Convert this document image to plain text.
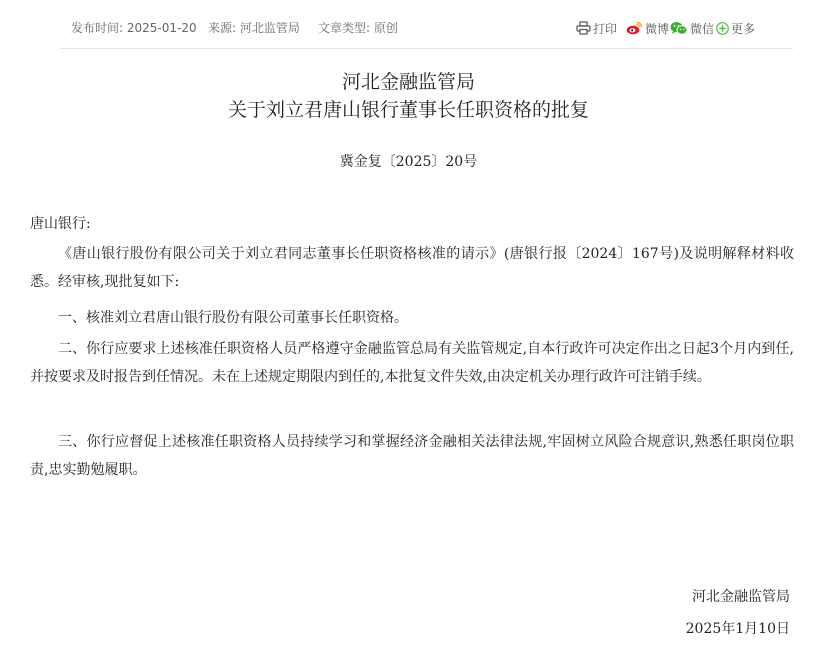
发布时间: 2025-01-20 来源: 河北监管局 文章类型: 原创	打印 微博 微信 更多
河北金融监管局
关于刘立君唐山银行董事长任职资格的批复
冀金复〔2025〕20号
唐山银行:

《唐山银行股份有限公司关于刘立君同志董事长任职资格核准的请示》(唐银行报〔2024〕167号)及说明解释材料收悉。经审核,现批复如下:

一、核准刘立君唐山银行股份有限公司董事长任职资格。

二、你行应要求上述核准任职资格人员严格遵守金融监管总局有关监管规定,自本行政许可决定作出之日起3个月内到任,并按要求及时报告到任情况。未在上述规定期限内到任的,本批复文件失效,由决定机关办理行政许可注销手续。

三、你行应督促上述核准任职资格人员持续学习和掌握经济金融相关法律法规,牢固树立风险合规意识,熟悉任职岗位职责,忠实勤勉履职。

河北金融监管局
2025年1月10日
